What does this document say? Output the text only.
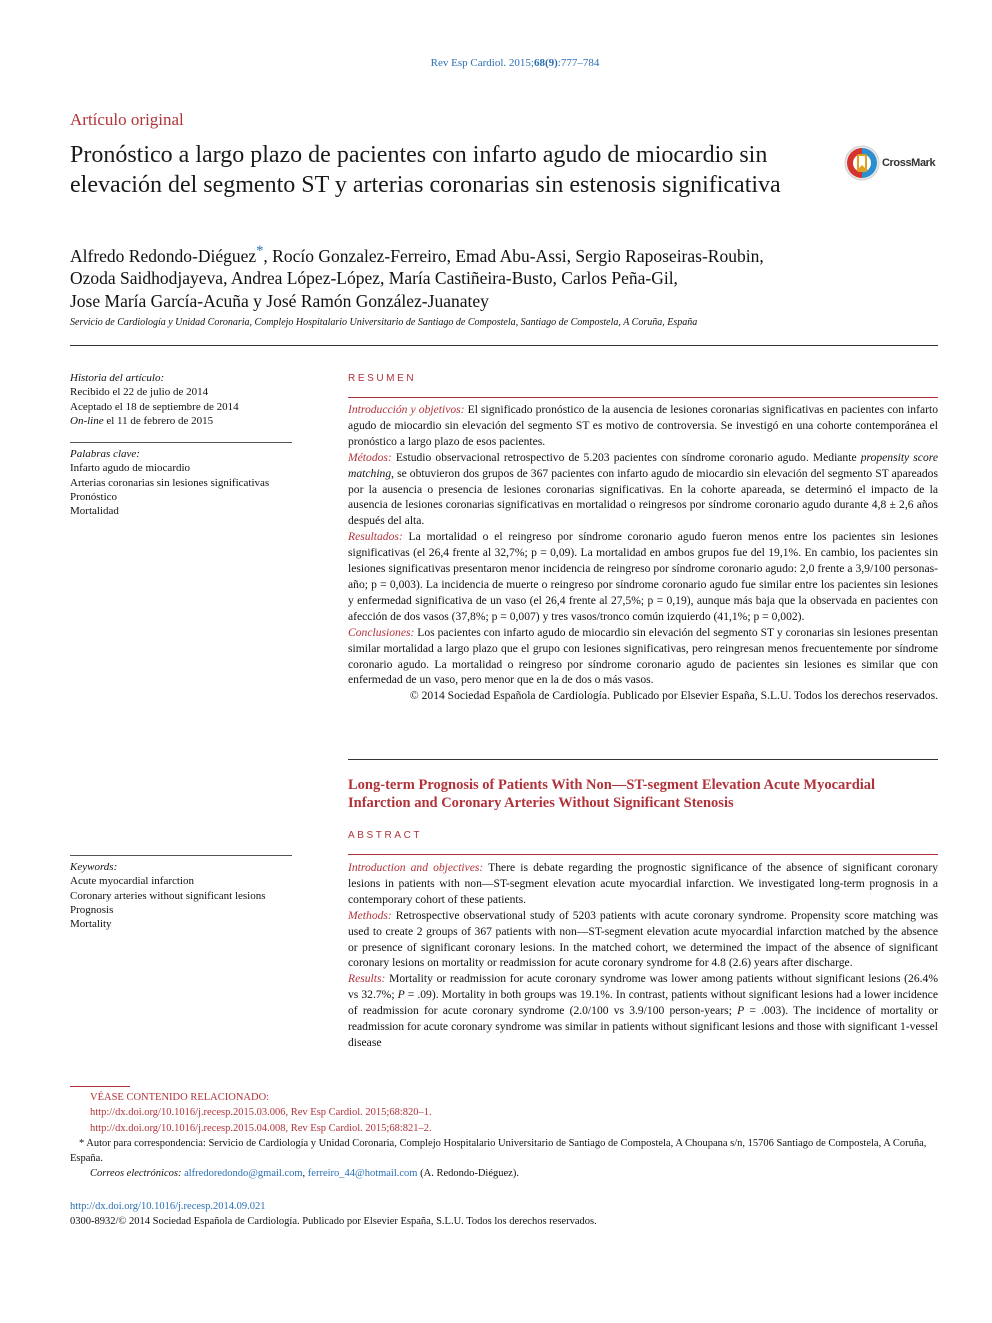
Rev Esp Cardiol. 2015;68(9):777–784
Artículo original
Pronóstico a largo plazo de pacientes con infarto agudo de miocardio sin elevación del segmento ST y arterias coronarias sin estenosis significativa
CrossMark
Alfredo Redondo-Diéguez*, Rocío Gonzalez-Ferreiro, Emad Abu-Assi, Sergio Raposeiras-Roubin,
Ozoda Saidhodjayeva, Andrea López-López, María Castiñeira-Busto, Carlos Peña-Gil,
Jose María García-Acuña y José Ramón González-Juanatey
Servicio de Cardiología y Unidad Coronaria, Complejo Hospitalario Universitario de Santiago de Compostela, Santiago de Compostela, A Coruña, España
Historia del artículo:
Recibido el 22 de julio de 2014
Aceptado el 18 de septiembre de 2014
On-line el 11 de febrero de 2015
Palabras clave:
Infarto agudo de miocardio
Arterias coronarias sin lesiones significativas
Pronóstico
Mortalidad
RESUMEN

Introducción y objetivos: El significado pronóstico de la ausencia de lesiones coronarias significativas en pacientes con infarto agudo de miocardio sin elevación del segmento ST es motivo de controversia. Se investigó en una cohorte contemporánea el pronóstico a largo plazo de esos pacientes.

Métodos: Estudio observacional retrospectivo de 5.203 pacientes con síndrome coronario agudo. Mediante propensity score matching, se obtuvieron dos grupos de 367 pacientes con infarto agudo de miocardio sin elevación del segmento ST apareados por la ausencia o presencia de lesiones coronarias significativas. En la cohorte apareada, se determinó el impacto de la ausencia de lesiones coronarias significativas en mortalidad o reingresos por síndrome coronario agudo durante 4,8 ± 2,6 años después del alta.

Resultados: La mortalidad o el reingreso por síndrome coronario agudo fueron menos entre los pacientes sin lesiones significativas (el 26,4 frente al 32,7%; p = 0,09). La mortalidad en ambos grupos fue del 19,1%. En cambio, los pacientes sin lesiones significativas presentaron menor incidencia de reingreso por síndrome coronario agudo: 2,0 frente a 3,9/100 personas-año; p = 0,003). La incidencia de muerte o reingreso por síndrome coronario agudo fue similar entre los pacientes sin lesiones y enfermedad significativa de un vaso (el 26,4 frente al 27,5%; p = 0,19), aunque más baja que la observada en pacientes con afección de dos vasos (37,8%; p = 0,007) y tres vasos/tronco común izquierdo (41,1%; p = 0,002).

Conclusiones: Los pacientes con infarto agudo de miocardio sin elevación del segmento ST y coronarias sin lesiones presentan similar mortalidad a largo plazo que el grupo con lesiones significativas, pero reingresan menos frecuentemente por síndrome coronario agudo. La mortalidad o reingreso por síndrome coronario agudo de pacientes sin lesiones es similar que con enfermedad de un vaso, pero menor que en la de dos o más vasos.

© 2014 Sociedad Española de Cardiología. Publicado por Elsevier España, S.L.U. Todos los derechos reservados.

Long-term Prognosis of Patients With Non—ST-segment Elevation Acute Myocardial Infarction and Coronary Arteries Without Significant Stenosis
Keywords:
Acute myocardial infarction
Coronary arteries without significant lesions
Prognosis
Mortality
ABSTRACT

Introduction and objectives: There is debate regarding the prognostic significance of the absence of significant coronary lesions in patients with non—ST-segment elevation acute myocardial infarction. We investigated long-term prognosis in a contemporary cohort of these patients.

Methods: Retrospective observational study of 5203 patients with acute coronary syndrome. Propensity score matching was used to create 2 groups of 367 patients with non—ST-segment elevation acute myocardial infarction matched by the absence or presence of significant coronary lesions. In the matched cohort, we determined the impact of the absence of significant coronary lesions on mortality or readmission for acute coronary syndrome for 4.8 (2.6) years after discharge.

Results: Mortality or readmission for acute coronary syndrome was lower among patients without significant lesions (26.4% vs 32.7%; P = .09). Mortality in both groups was 19.1%. In contrast, patients without significant lesions had a lower incidence of readmission for acute coronary syndrome (2.0/100 vs 3.9/100 person-years; P = .003). The incidence of mortality or readmission for acute coronary syndrome was similar in patients without significant lesions and those with significant 1-vessel disease

VÉASE CONTENIDO RELACIONADO:
http://dx.doi.org/10.1016/j.recesp.2015.03.006, Rev Esp Cardiol. 2015;68:820–1.
http://dx.doi.org/10.1016/j.recesp.2015.04.008, Rev Esp Cardiol. 2015;68:821–2.
* Autor para correspondencia: Servicio de Cardiología y Unidad Coronaria, Complejo Hospitalario Universitario de Santiago de Compostela, A Choupana s/n, 15706 Santiago de Compostela, A Coruña, España.
Correos electrónicos: alfredoredondo@gmail.com, ferreiro_44@hotmail.com (A. Redondo-Diéguez).
http://dx.doi.org/10.1016/j.recesp.2014.09.021
0300-8932/© 2014 Sociedad Española de Cardiología. Publicado por Elsevier España, S.L.U. Todos los derechos reservados.
